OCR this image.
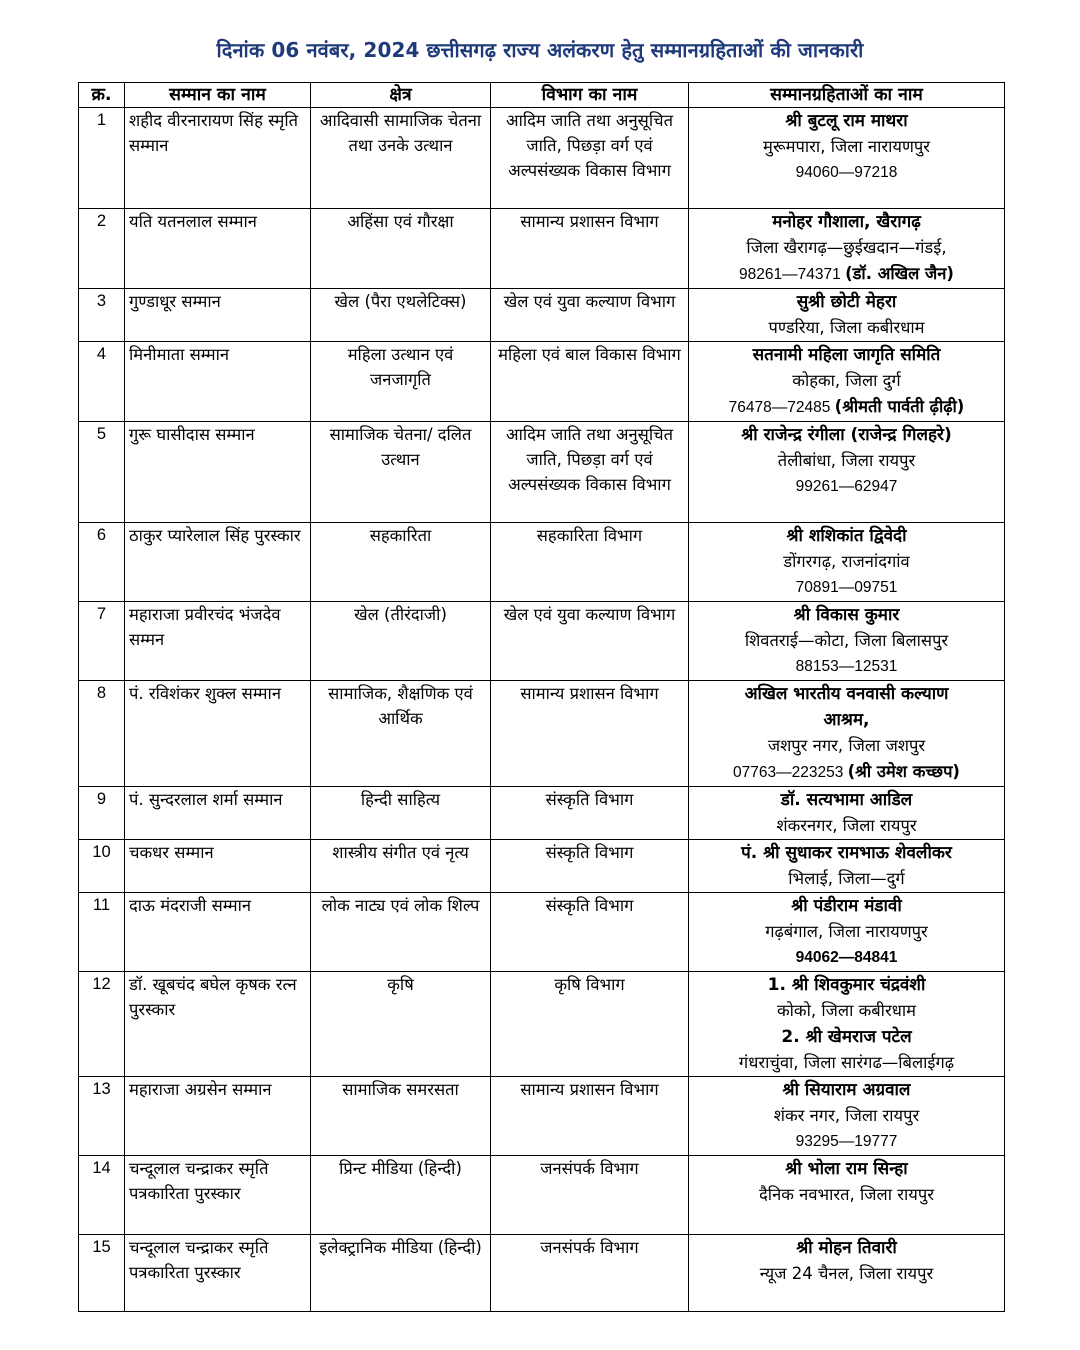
दिनांक 06 नवंबर, 2024 छत्तीसगढ़ राज्य अलंकरण हेतु सम्मानग्रहिताओं की जानकारी
क्र.	सम्मान का नाम	क्षेत्र	विभाग का नाम	सम्मानग्रहिताओं का नाम
1	शहीद वीरनारायण सिंह स्मृति सम्मान	आदिवासी सामाजिक चेतना तथा उनके उत्थान	आदिम जाति तथा अनुसूचित जाति, पिछड़ा वर्ग एवं अल्पसंख्यक विकास विभाग	श्री बुटलू राम माथरा
मुरूमपारा, जिला नारायणपुर
94060—97218

2	यति यतनलाल सम्मान	अहिंसा एवं गौरक्षा	सामान्य प्रशासन विभाग	मनोहर गौशाला, खैरागढ़
जिला खैरागढ़—छुईखदान—गंडई,
98261—74371 (डॉ. अखिल जैन)

3	गुण्डाधूर सम्मान	खेल (पैरा एथलेटिक्स)	खेल एवं युवा कल्याण विभाग	सुश्री छोटी मेहरा
पण्डरिया, जिला कबीरधाम

4	मिनीमाता सम्मान	महिला उत्थान एवं जनजागृति	महिला एवं बाल विकास विभाग	सतनामी महिला जागृति समिति
कोहका, जिला दुर्ग
76478—72485 (श्रीमती पार्वती ढ़ीढ़ी)

5	गुरू घासीदास सम्मान	सामाजिक चेतना/ दलित उत्थान	आदिम जाति तथा अनुसूचित जाति, पिछड़ा वर्ग एवं अल्पसंख्यक विकास विभाग	श्री राजेन्द्र रंगीला (राजेन्द्र गिलहरे)
तेलीबांधा, जिला रायपुर
99261—62947

6	ठाकुर प्यारेलाल सिंह पुरस्कार	सहकारिता	सहकारिता विभाग	श्री शशिकांत द्विवेदी
डोंगरगढ़, राजनांदगांव
70891—09751

7	महाराजा प्रवीरचंद भंजदेव सम्मन	खेल (तीरंदाजी)	खेल एवं युवा कल्याण विभाग	श्री विकास कुमार
शिवतराई—कोटा, जिला बिलासपुर
88153—12531

8	पं. रविशंकर शुक्ल सम्मान	सामाजिक, शैक्षणिक एवं आर्थिक	सामान्य प्रशासन विभाग	अखिल भारतीय वनवासी कल्याण
आश्रम,
जशपुर नगर, जिला जशपुर
07763—223253 (श्री उमेश कच्छप)

9	पं. सुन्दरलाल शर्मा सम्मान	हिन्दी साहित्य	संस्कृति विभाग	डॉ. सत्यभामा आडिल
शंकरनगर, जिला रायपुर

10	चकधर सम्मान	शास्त्रीय संगीत एवं नृत्य	संस्कृति विभाग	पं. श्री सुधाकर रामभाऊ शेवलीकर
भिलाई, जिला—दुर्ग

11	दाऊ मंदराजी सम्मान	लोक नाट्य एवं लोक शिल्प	संस्कृति विभाग	श्री पंडीराम मंडावी
गढ़बंगाल, जिला नारायणपुर
94062—84841

12	डॉ. खूबचंद बघेल कृषक रत्न पुरस्कार	कृषि	कृषि विभाग	1. श्री शिवकुमार चंद्रवंशी
कोको, जिला कबीरधाम
2. श्री खेमराज पटेल
गंधराचुंवा, जिला सारंगढ—बिलाईगढ़

13	महाराजा अग्रसेन सम्मान	सामाजिक समरसता	सामान्य प्रशासन विभाग	श्री सियाराम अग्रवाल
शंकर नगर, जिला रायपुर
93295—19777

14	चन्दूलाल चन्द्राकर स्मृति पत्रकारिता पुरस्कार	प्रिन्ट मीडिया (हिन्दी)	जनसंपर्क विभाग	श्री भोला राम सिन्हा
दैनिक नवभारत, जिला रायपुर

15	चन्दूलाल चन्द्राकर स्मृति पत्रकारिता पुरस्कार	इलेक्ट्रानिक मीडिया (हिन्दी)	जनसंपर्क विभाग	श्री मोहन तिवारी
न्यूज 24 चैनल, जिला रायपुर
